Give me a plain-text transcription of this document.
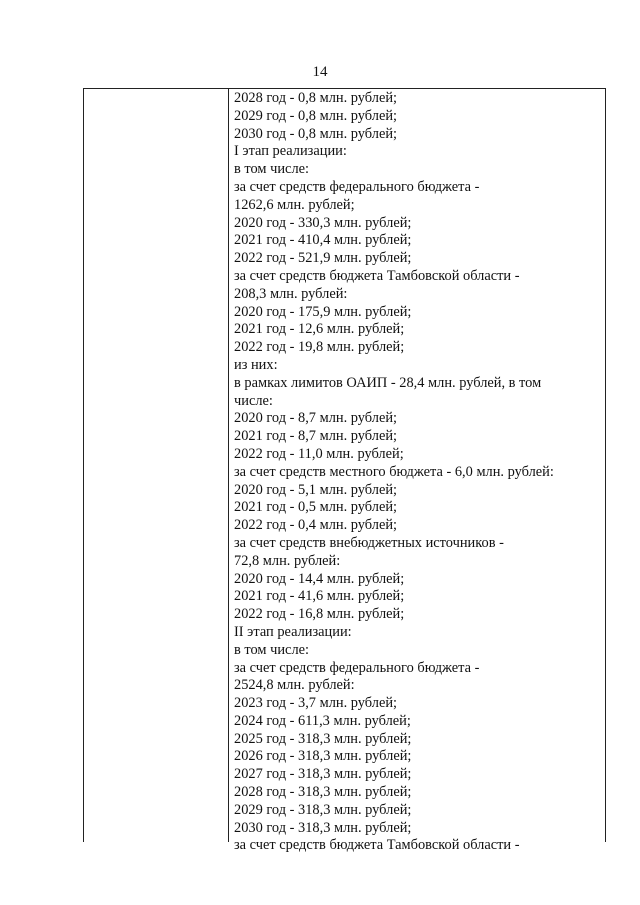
14
2028 год - 0,8 млн. рублей;
2029 год - 0,8 млн. рублей;
2030 год - 0,8 млн. рублей;
I этап реализации:
в том числе:
за счет средств федерального бюджета -
1262,6 млн. рублей;
2020 год - 330,3 млн. рублей;
2021 год - 410,4 млн. рублей;
2022 год - 521,9 млн. рублей;
за счет средств бюджета Тамбовской области -
208,3 млн. рублей:
2020 год - 175,9 млн. рублей;
2021 год - 12,6 млн. рублей;
2022 год - 19,8 млн. рублей;
из них:
в рамках лимитов ОАИП - 28,4 млн. рублей, в том
числе:
2020 год - 8,7 млн. рублей;
2021 год - 8,7 млн. рублей;
2022 год - 11,0 млн. рублей;
за счет средств местного бюджета - 6,0 млн. рублей:
2020 год - 5,1 млн. рублей;
2021 год - 0,5 млн. рублей;
2022 год - 0,4 млн. рублей;
за счет средств внебюджетных источников -
72,8 млн. рублей:
2020 год - 14,4 млн. рублей;
2021 год - 41,6 млн. рублей;
2022 год - 16,8 млн. рублей;
II этап реализации:
в том числе:
за счет средств федерального бюджета -
2524,8 млн. рублей:
2023 год - 3,7 млн. рублей;
2024 год - 611,3 млн. рублей;
2025 год - 318,3 млн. рублей;
2026 год - 318,3 млн. рублей;
2027 год - 318,3 млн. рублей;
2028 год - 318,3 млн. рублей;
2029 год - 318,3 млн. рублей;
2030 год - 318,3 млн. рублей;
за счет средств бюджета Тамбовской области -
